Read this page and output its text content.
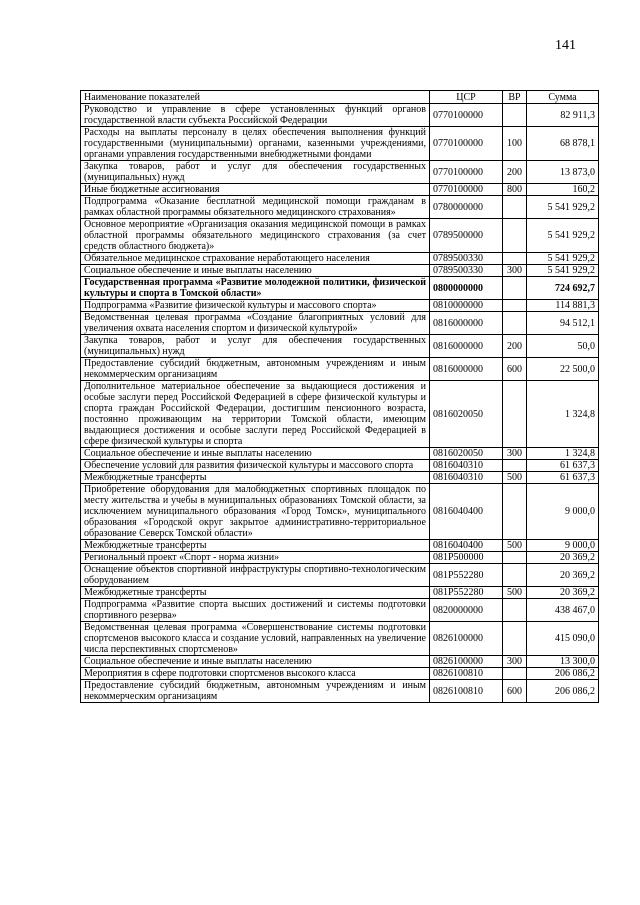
141
Наименование показателей	ЦСР	ВР	Сумма
Руководство и управление в сфере установленных функций органов государственной власти субъекта Российской Федерации	0770100000		82 911,3
Расходы на выплаты персоналу в целях обеспечения выполнения функций государственными (муниципальными) органами, казенными учреждениями, органами управления государственными внебюджетными фондами	0770100000	100	68 878,1
Закупка товаров, работ и услуг для обеспечения государственных (муниципальных) нужд	0770100000	200	13 873,0
Иные бюджетные ассигнования	0770100000	800	160,2
Подпрограмма «Оказание бесплатной медицинской помощи гражданам в рамках областной программы обязательного медицинского страхования»	0780000000		5 541 929,2
Основное мероприятие «Организация оказания медицинской помощи в рамках областной программы обязательного медицинского страхования (за счет средств областного бюджета)»	0789500000		5 541 929,2
Обязательное медицинское страхование неработающего населения	0789500330		5 541 929,2
Социальное обеспечение и иные выплаты населению	0789500330	300	5 541 929,2
Государственная программа «Развитие молодежной политики, физической культуры и спорта в Томской области»	0800000000		724 692,7
Подпрограмма «Развитие физической культуры и массового спорта»	0810000000		114 881,3
Ведомственная целевая программа «Создание благоприятных условий для увеличения охвата населения спортом и физической культурой»	0816000000		94 512,1
Закупка товаров, работ и услуг для обеспечения государственных (муниципальных) нужд	0816000000	200	50,0
Предоставление субсидий бюджетным, автономным учреждениям и иным некоммерческим организациям	0816000000	600	22 500,0
Дополнительное материальное обеспечение за выдающиеся достижения и особые заслуги перед Российской Федерацией в сфере физической культуры и спорта граждан Российской Федерации, достигшим пенсионного возраста, постоянно проживающим на территории Томской области, имеющим выдающиеся достижения и особые заслуги перед Российской Федерацией в сфере физической культуры и спорта	0816020050		1 324,8
Социальное обеспечение и иные выплаты населению	0816020050	300	1 324,8
Обеспечение условий для развития физической культуры и массового спорта	0816040310		61 637,3
Межбюджетные трансферты	0816040310	500	61 637,3
Приобретение оборудования для малобюджетных спортивных площадок по месту жительства и учебы в муниципальных образованиях Томской области, за исключением муниципального образования «Город Томск», муниципального образования «Городской округ закрытое административно-территориальное образование Северск Томской области»	0816040400		9 000,0
Межбюджетные трансферты	0816040400	500	9 000,0
Региональный проект «Спорт - норма жизни»	081P500000		20 369,2
Оснащение объектов спортивной инфраструктуры спортивно-технологическим оборудованием	081P552280		20 369,2
Межбюджетные трансферты	081P552280	500	20 369,2
Подпрограмма «Развитие спорта высших достижений и системы подготовки спортивного резерва»	0820000000		438 467,0
Ведомственная целевая программа «Совершенствование системы подготовки спортсменов высокого класса и создание условий, направленных на увеличение числа перспективных спортсменов»	0826100000		415 090,0
Социальное обеспечение и иные выплаты населению	0826100000	300	13 300,0
Мероприятия в сфере подготовки спортсменов высокого класса	0826100810		206 086,2
Предоставление субсидий бюджетным, автономным учреждениям и иным некоммерческим организациям	0826100810	600	206 086,2
